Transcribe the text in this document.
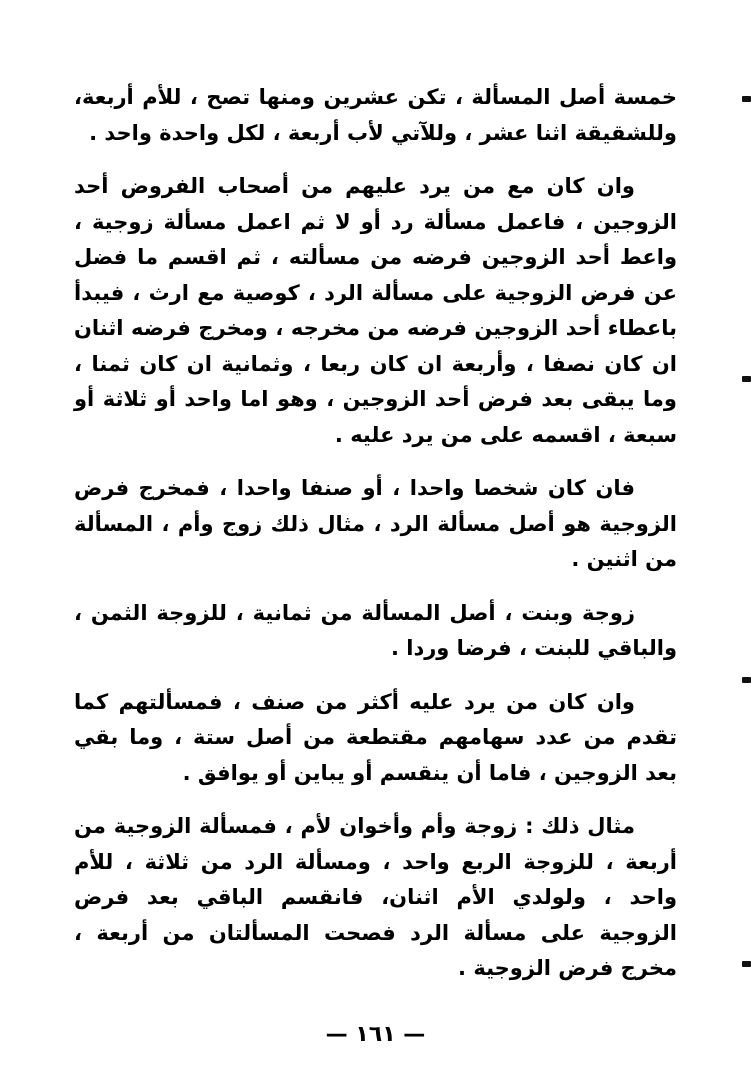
خمسة أصل المسألة ، تكن عشرين ومنها تصح ، للأم أربعة، وللشقيقة اثنا عشر ، وللآتي لأب أربعة ، لكل واحدة واحد .

وان كان مع من يرد عليهم من أصحاب الفروض أحد الزوجين ، فاعمل مسألة رد أو لا ثم اعمل مسألة زوجية ، واعط أحد الزوجين فرضه من مسألته ، ثم اقسم ما فضل عن فرض الزوجية على مسألة الرد ، كوصية مع ارث ، فيبدأ باعطاء أحد الزوجين فرضه من مخرجه ، ومخرج فرضه اثنان ان كان نصفا ، وأربعة ان كان ربعا ، وثمانية ان كان ثمنا ، وما يبقى بعد فرض أحد الزوجين ، وهو اما واحد أو ثلاثة أو سبعة ، اقسمه على من يرد عليه .

فان كان شخصا واحدا ، أو صنفا واحدا ، فمخرج فرض الزوجية هو أصل مسألة الرد ، مثال ذلك زوج وأم ، المسألة من اثنين .

زوجة وبنت ، أصل المسألة من ثمانية ، للزوجة الثمن ، والباقي للبنت ، فرضا وردا .

وان كان من يرد عليه أكثر من صنف ، فمسألتهم كما تقدم من عدد سهامهم مقتطعة من أصل ستة ، وما بقي بعد الزوجين ، فاما أن ينقسم أو يباين أو يوافق .

مثال ذلك : زوجة وأم وأخوان لأم ، فمسألة الزوجية من أربعة ، للزوجة الربع واحد ، ومسألة الرد من ثلاثة ، للأم واحد ، ولولدي الأم اثنان، فانقسم الباقي بعد فرض الزوجية على مسألة الرد فصحت المسألتان من أربعة ، مخرج فرض الزوجية .

— ١٦١ —
